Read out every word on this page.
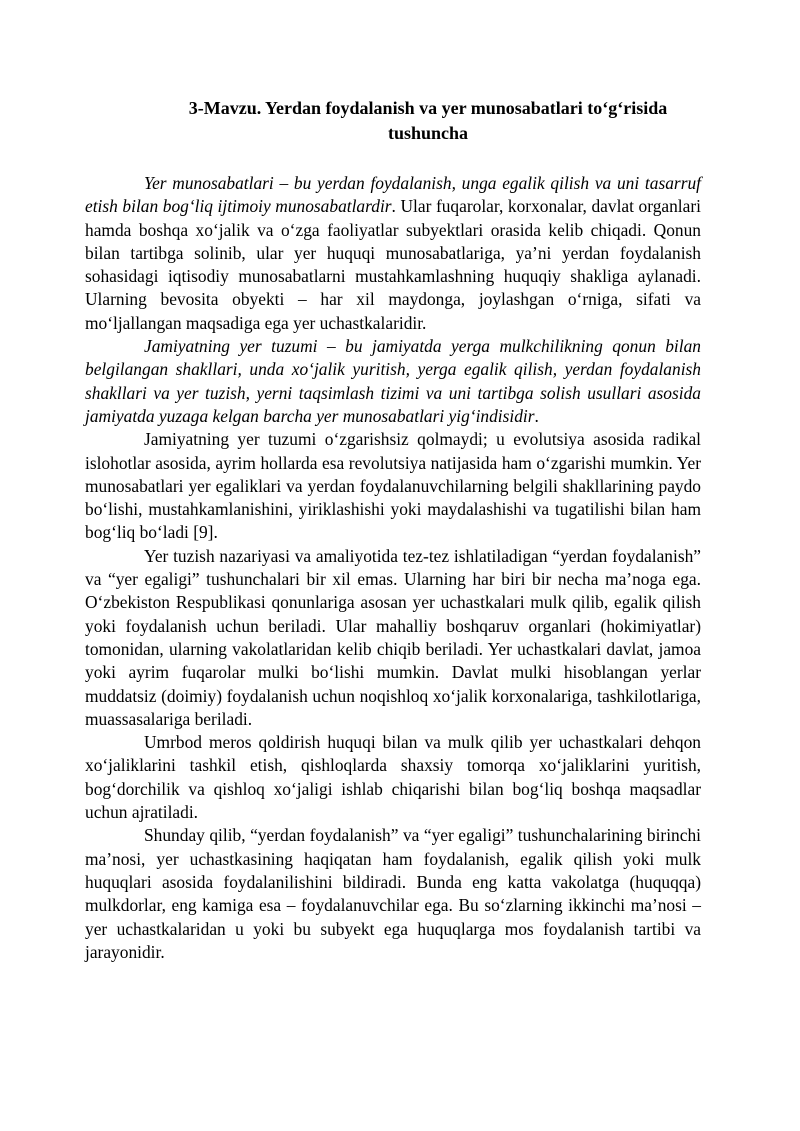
3-Mavzu. Yerdan foydalanish va yer munosabatlari to‘g‘risida
tushuncha

Yer munosabatlari – bu yerdan foydalanish, unga egalik qilish va uni tasarruf etish bilan bog‘liq ijtimoiy munosabatlardir. Ular fuqarolar, korxonalar, davlat organlari hamda boshqa xo‘jalik va o‘zga faoliyatlar subyektlari orasida kelib chiqadi. Qonun bilan tartibga solinib, ular yer huquqi munosabatlariga, ya’ni yerdan foydalanish sohasidagi iqtisodiy munosabatlarni mustahkamlashning huquqiy shakliga aylanadi. Ularning bevosita obyekti – har xil maydonga, joylashgan o‘rniga, sifati va mo‘ljallangan maqsadiga ega yer uchastkalaridir.

Jamiyatning yer tuzumi – bu jamiyatda yerga mulkchilikning qonun bilan belgilangan shakllari, unda xo‘jalik yuritish, yerga egalik qilish, yerdan foydalanish shakllari va yer tuzish, yerni taqsimlash tizimi va uni tartibga solish usullari asosida jamiyatda yuzaga kelgan barcha yer munosabatlari yig‘indisidir.

Jamiyatning yer tuzumi o‘zgarishsiz qolmaydi; u evolutsiya asosida radikal islohotlar asosida, ayrim hollarda esa revolutsiya natijasida ham o‘zgarishi mumkin. Yer munosabatlari yer egaliklari va yerdan foydalanuvchilarning belgili shakllarining paydo bo‘lishi, mustahkamlanishini, yiriklashishi yoki maydalashishi va tugatilishi bilan ham bog‘liq bo‘ladi [9].

Yer tuzish nazariyasi va amaliyotida tez-tez ishlatiladigan “yerdan foydalanish” va “yer egaligi” tushunchalari bir xil emas. Ularning har biri bir necha ma’noga ega. O‘zbekiston Respublikasi qonunlariga asosan yer uchastkalari mulk qilib, egalik qilish yoki foydalanish uchun beriladi. Ular mahalliy boshqaruv organlari (hokimiyatlar) tomonidan, ularning vakolatlaridan kelib chiqib beriladi. Yer uchastkalari davlat, jamoa yoki ayrim fuqarolar mulki bo‘lishi mumkin. Davlat mulki hisoblangan yerlar muddatsiz (doimiy) foydalanish uchun noqishloq xo‘jalik korxonalariga, tashkilotlariga, muassasalariga beriladi.

Umrbod meros qoldirish huquqi bilan va mulk qilib yer uchastkalari dehqon xo‘jaliklarini tashkil etish, qishloqlarda shaxsiy tomorqa xo‘jaliklarini yuritish, bog‘dorchilik va qishloq xo‘jaligi ishlab chiqarishi bilan bog‘liq boshqa maqsadlar uchun ajratiladi.

Shunday qilib, “yerdan foydalanish” va “yer egaligi” tushunchalarining birinchi ma’nosi, yer uchastkasining haqiqatan ham foydalanish, egalik qilish yoki mulk huquqlari asosida foydalanilishini bildiradi. Bunda eng katta vakolatga (huquqqa) mulkdorlar, eng kamiga esa – foydalanuvchilar ega. Bu so‘zlarning ikkinchi ma’nosi – yer uchastkalaridan u yoki bu subyekt ega huquqlarga mos foydalanish tartibi va jarayonidir.
